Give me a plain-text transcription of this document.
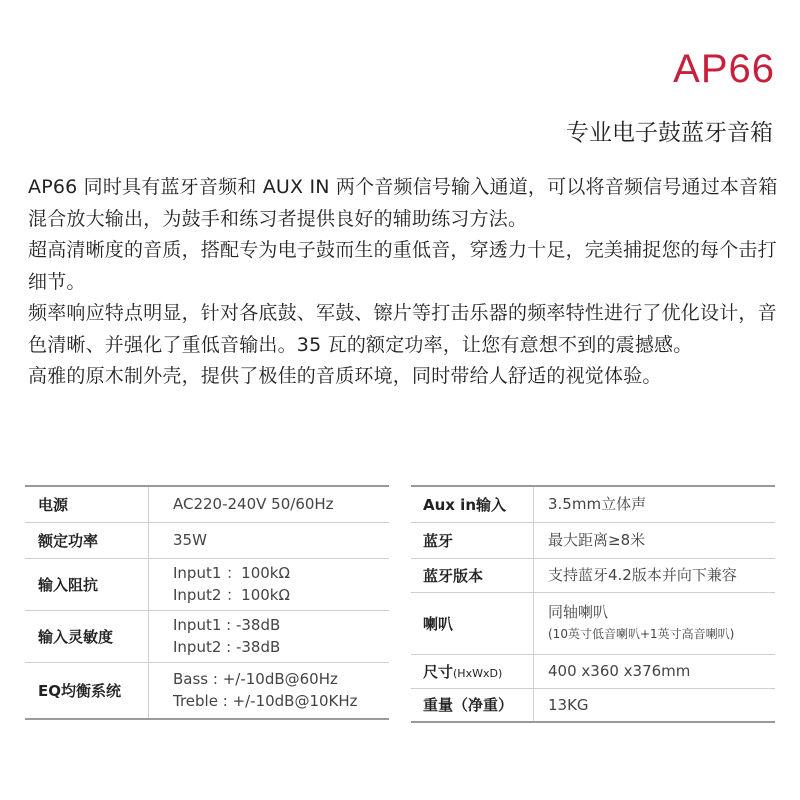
AP66
专业电子鼓蓝牙音箱

AP66 同时具有蓝牙音频和 AUX IN 两个音频信号输入通道，可以将音频信号通过本音箱混合放大输出，为鼓手和练习者提供良好的辅助练习方法。

超高清晰度的音质，搭配专为电子鼓而生的重低音，穿透力十足，完美捕捉您的每个击打细节。

频率响应特点明显，针对各底鼓、军鼓、镲片等打击乐器的频率特性进行了优化设计，音色清晰、并强化了重低音输出。35 瓦的额定功率，让您有意想不到的震撼感。

高雅的原木制外壳，提供了极佳的音质环境，同时带给人舒适的视觉体验。

电源	AC220-240V 50/60Hz

额定功率	35W

输入阻抗	Input1 ：100kΩ
Input2 ：100kΩ

输入灵敏度	Input1 : -38dB
Input2 : -38dB

EQ均衡系统	Bass : +/-10dB@60Hz
Treble : +/-10dB@10KHz
Aux in输入	3.5mm立体声

蓝牙	最大距离≥8米

蓝牙版本	支持蓝牙4.2版本并向下兼容

喇叭	同轴喇叭
(10英寸低音喇叭+1英寸高音喇叭)

尺寸(HxWxD)	400 x360 x376mm

重量（净重）	13KG
